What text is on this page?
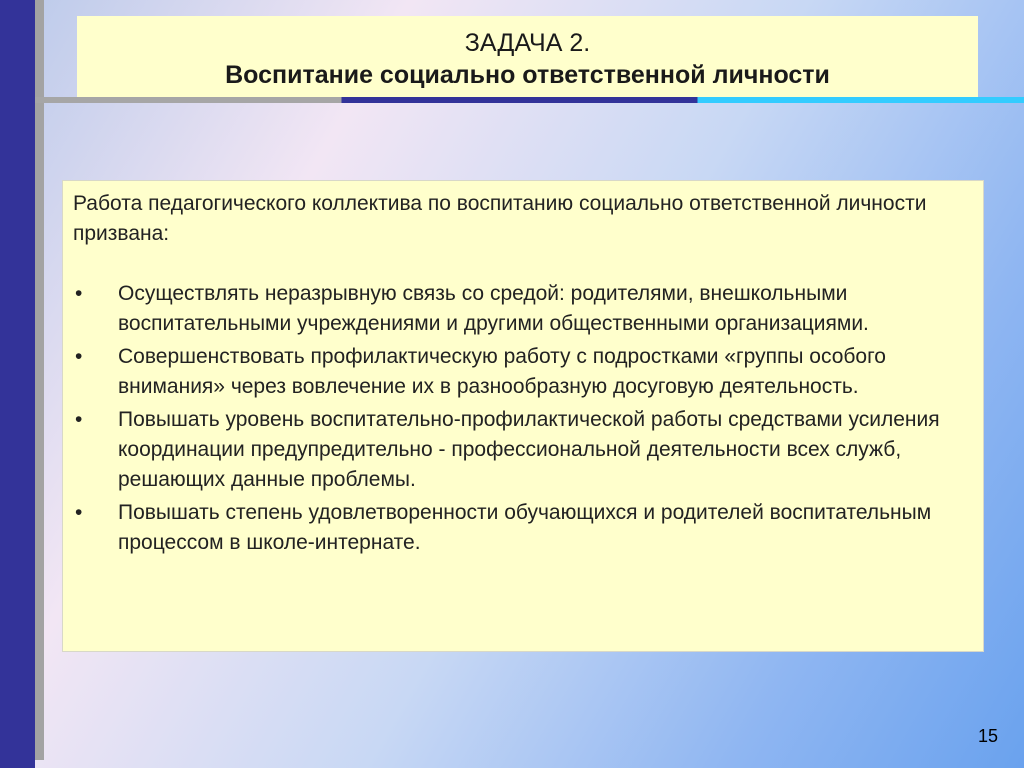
ЗАДАЧА 2.
Воспитание социально ответственной личности

Работа педагогического коллектива по воспитанию социально ответственной личности призвана:

• Осуществлять неразрывную связь со средой: родителями, внешкольными воспитательными учреждениями и другими общественными организациями.
• Совершенствовать профилактическую работу с подростками «группы особого внимания» через вовлечение их в разнообразную досуговую деятельность.
• Повышать уровень воспитательно-профилактической работы средствами усиления координации предупредительно - профессиональной деятельности всех служб, решающих данные проблемы.
• Повышать степень удовлетворенности обучающихся и родителей воспитательным процессом в школе-интернате.
15
